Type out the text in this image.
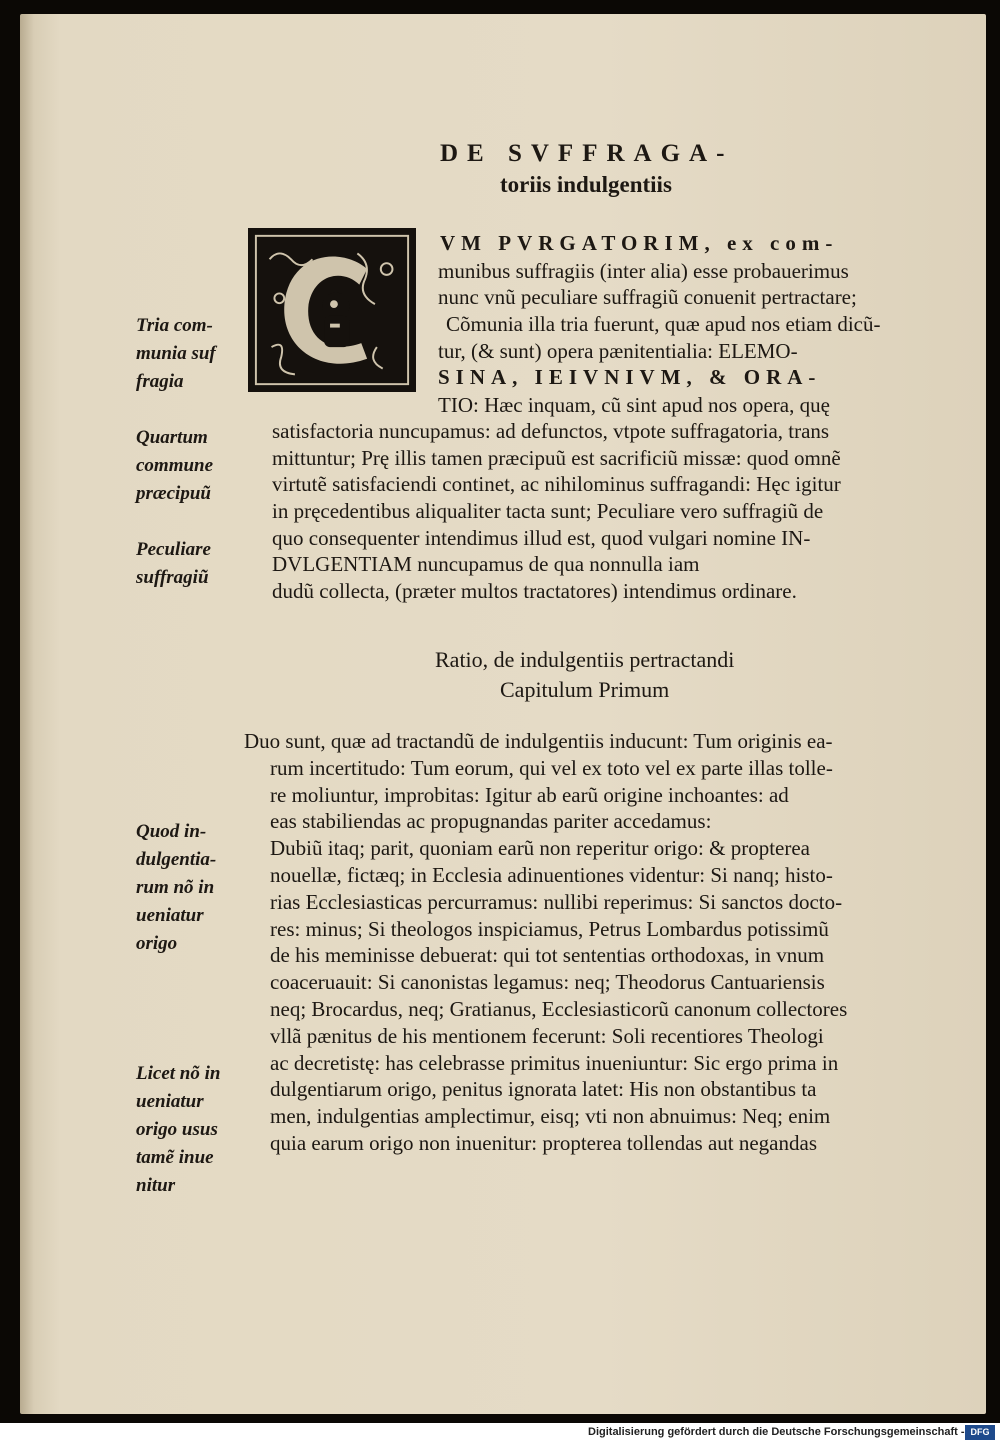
DE SVFFRAGA-
toriis indulgentiis
VM PVRGATORIM, ex com-
munibus suffragiis (inter alia) esse probauerimus
nunc vnũ peculiare suffragiũ conuenit pertractare;
Cõmunia illa tria fuerunt, quæ apud nos etiam dicũ-
tur, (& sunt) opera pænitentialia: ELEMO-
SINA, IEIVNIVM, & ORA-
TIO: Hæc inquam, cũ sint apud nos opera, quę
satisfactoria nuncupamus: ad defunctos, vtpote suffragatoria, trans
mittuntur; Prę illis tamen præcipuũ est sacrificiũ missæ: quod omnẽ
virtutẽ satisfaciendi continet, ac nihilominus suffragandi: Hęc igitur
in pręcedentibus aliqualiter tacta sunt; Peculiare vero suffragiũ de
quo consequenter intendimus illud est, quod vulgari nomine IN-
DVLGENTIAM nuncupamus de qua nonnulla iam
dudũ collecta, (præter multos tractatores) intendimus ordinare.
Ratio, de indulgentiis pertractandi
Capitulum Primum
Duo sunt, quæ ad tractandũ de indulgentiis inducunt: Tum originis ea-
rum incertitudo: Tum eorum, qui vel ex toto vel ex parte illas tolle-
re moliuntur, improbitas: Igitur ab earũ origine inchoantes: ad
eas stabiliendas ac propugnandas pariter accedamus:
Dubiũ itaq; parit, quoniam earũ non reperitur origo: & propterea
nouellæ, fictæq; in Ecclesia adinuentiones videntur: Si nanq; histo-
rias Ecclesiasticas percurramus: nullibi reperimus: Si sanctos docto-
res: minus; Si theologos inspiciamus, Petrus Lombardus potissimũ
de his meminisse debuerat: qui tot sententias orthodoxas, in vnum
coaceruauit: Si canonistas legamus: neq; Theodorus Cantuariensis
neq; Brocardus, neq; Gratianus, Ecclesiasticorũ canonum collectores
vllã pænitus de his mentionem fecerunt: Soli recentiores Theologi
ac decretistę: has celebrasse primitus inueniuntur: Sic ergo prima in
dulgentiarum origo, penitus ignorata latet: His non obstantibus ta
men, indulgentias amplectimur, eisq; vti non abnuimus: Neq; enim
quia earum origo non inuenitur: propterea tollendas aut negandas
Tria com-
munia suf
fragia
Quartum
commune
præcipuũ
Peculiare
suffragiũ
Quod in-
dulgentia-
rum nõ in
ueniatur
origo
Licet nõ in
ueniatur
origo usus
tamẽ inue
nitur
Digitalisierung gefördert durch die Deutsche Forschungsgemeinschaft - DFG
